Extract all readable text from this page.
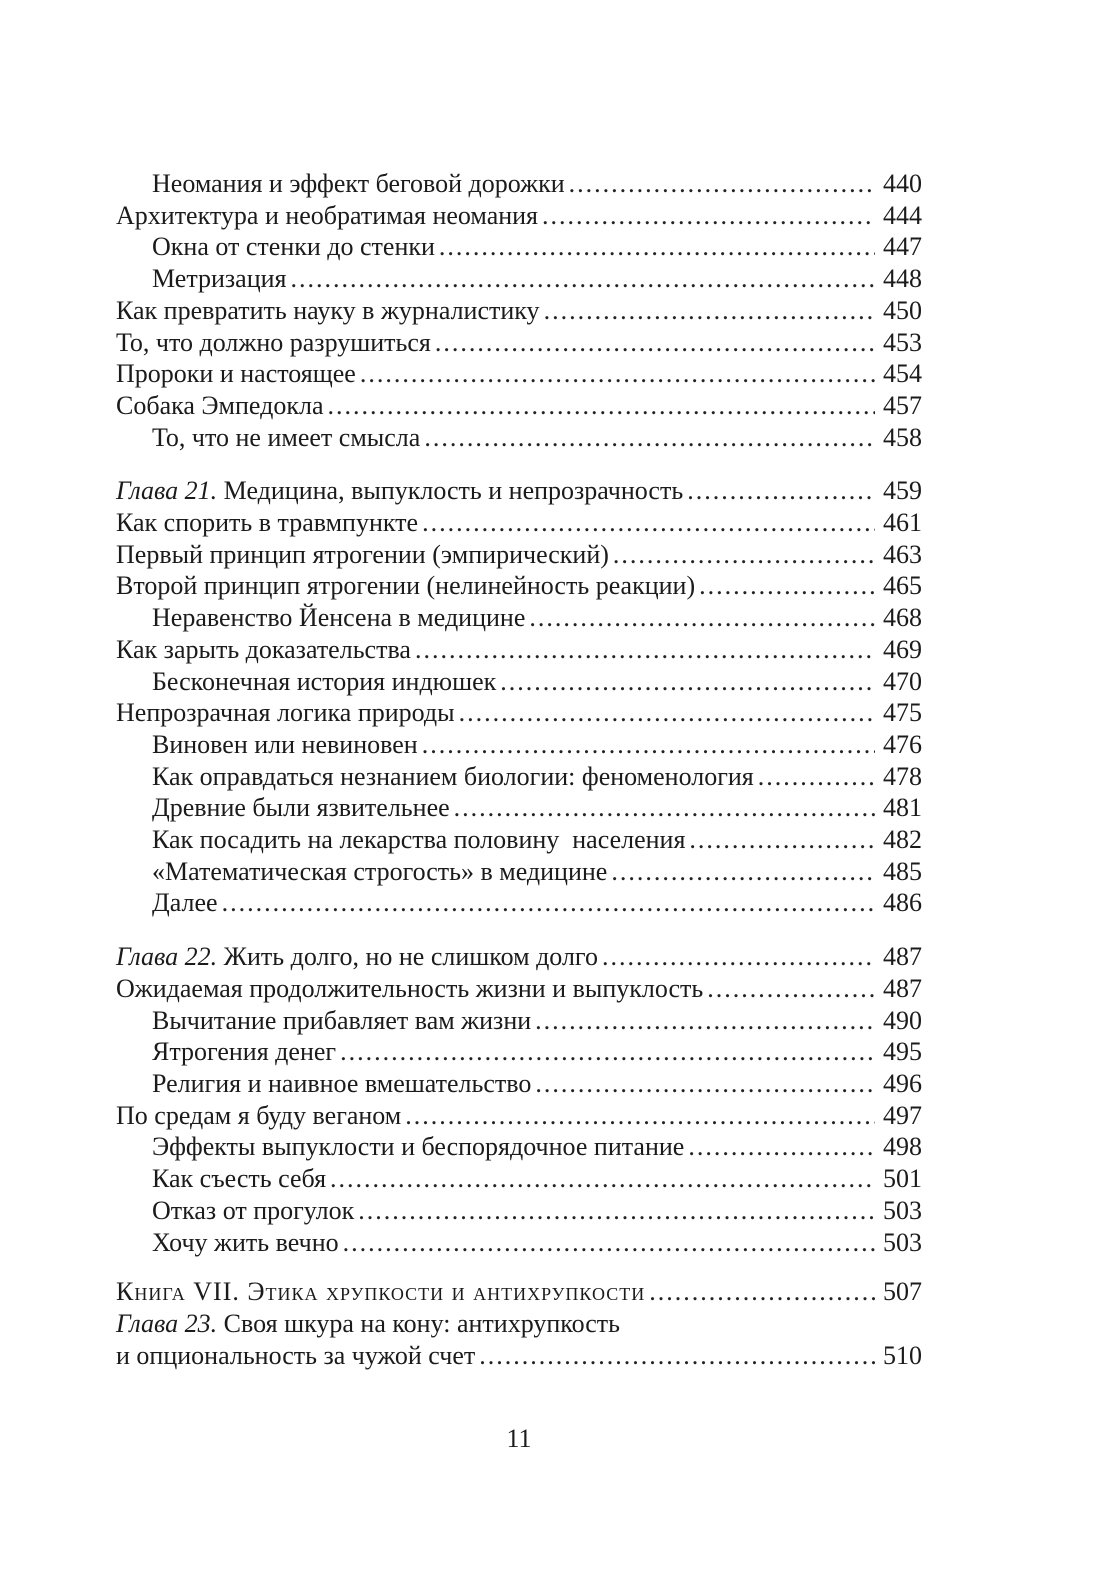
Неомания и эффект беговой дорожки .....	440
Архитектура и необратимая неомания .....	444
Окна от стенки до стенки .....	447
Метризация .....	448
Как превратить науку в журналистику .....	450
То, что должно разрушиться .....	453
Пророки и настоящее .....	454
Собака Эмпедокла .....	457
То, что не имеет смысла .....	458
Глава 21. Медицина, выпуклость и непрозрачность .....	459
Как спорить в травмпункте .....	461
Первый принцип ятрогении (эмпирический) .....	463
Второй принцип ятрогении (нелинейность реакции) .....	465
Неравенство Йенсена в медицине .....	468
Как зарыть доказательства .....	469
Бесконечная история индюшек .....	470
Непрозрачная логика природы .....	475
Виновен или невиновен .....	476
Как оправдаться незнанием биологии: феноменология .....	478
Древние были язвительнее .....	481
Как посадить на лекарства половину  населения .....	482
«Математическая строгость» в медицине .....	485
Далее .....	486
Глава 22. Жить долго, но не слишком долго .....	487
Ожидаемая продолжительность жизни и выпуклость .....	487
Вычитание прибавляет вам жизни .....	490
Ятрогения денег .....	495
Религия и наивное вмешательство .....	496
По средам я буду веганом .....	497
Эффекты выпуклости и беспорядочное питание .....	498
Как съесть себя .....	501
Отказ от прогулок .....	503
Хочу жить вечно .....	503
Книга VII. Этика хрупкости и антихрупкости .....	507
Глава 23. Своя шкура на кону: антихрупкость
и опциональность за чужой счет .....	510
11
